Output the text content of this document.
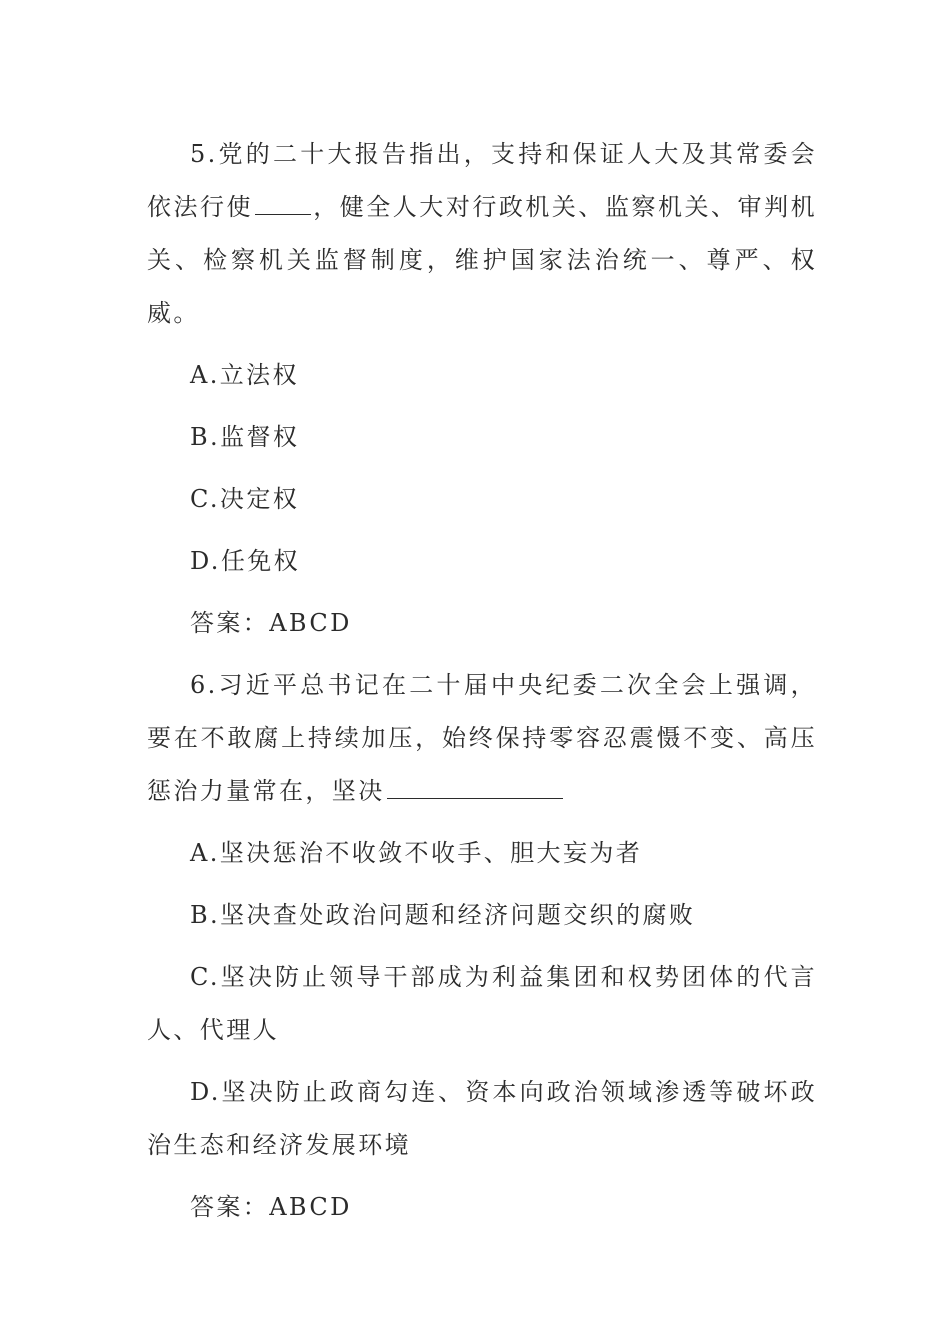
5.党的二十大报告指出，支持和保证人大及其常委会依法行使	，健全人大对行政机关、监察机关、审判机关、检察机关监督制度，维护国家法治统一、尊严、权威。

A.立法权

B.监督权

C.决定权

D.任免权

答案：ABCD

6.习近平总书记在二十届中央纪委二次全会上强调，要在不敢腐上持续加压，始终保持零容忍震慑不变、高压惩治力量常在，坚决

A.坚决惩治不收敛不收手、胆大妄为者

B.坚决查处政治问题和经济问题交织的腐败

C.坚决防止领导干部成为利益集团和权势团体的代言人、代理人

D.坚决防止政商勾连、资本向政治领域渗透等破坏政治生态和经济发展环境

答案：ABCD
